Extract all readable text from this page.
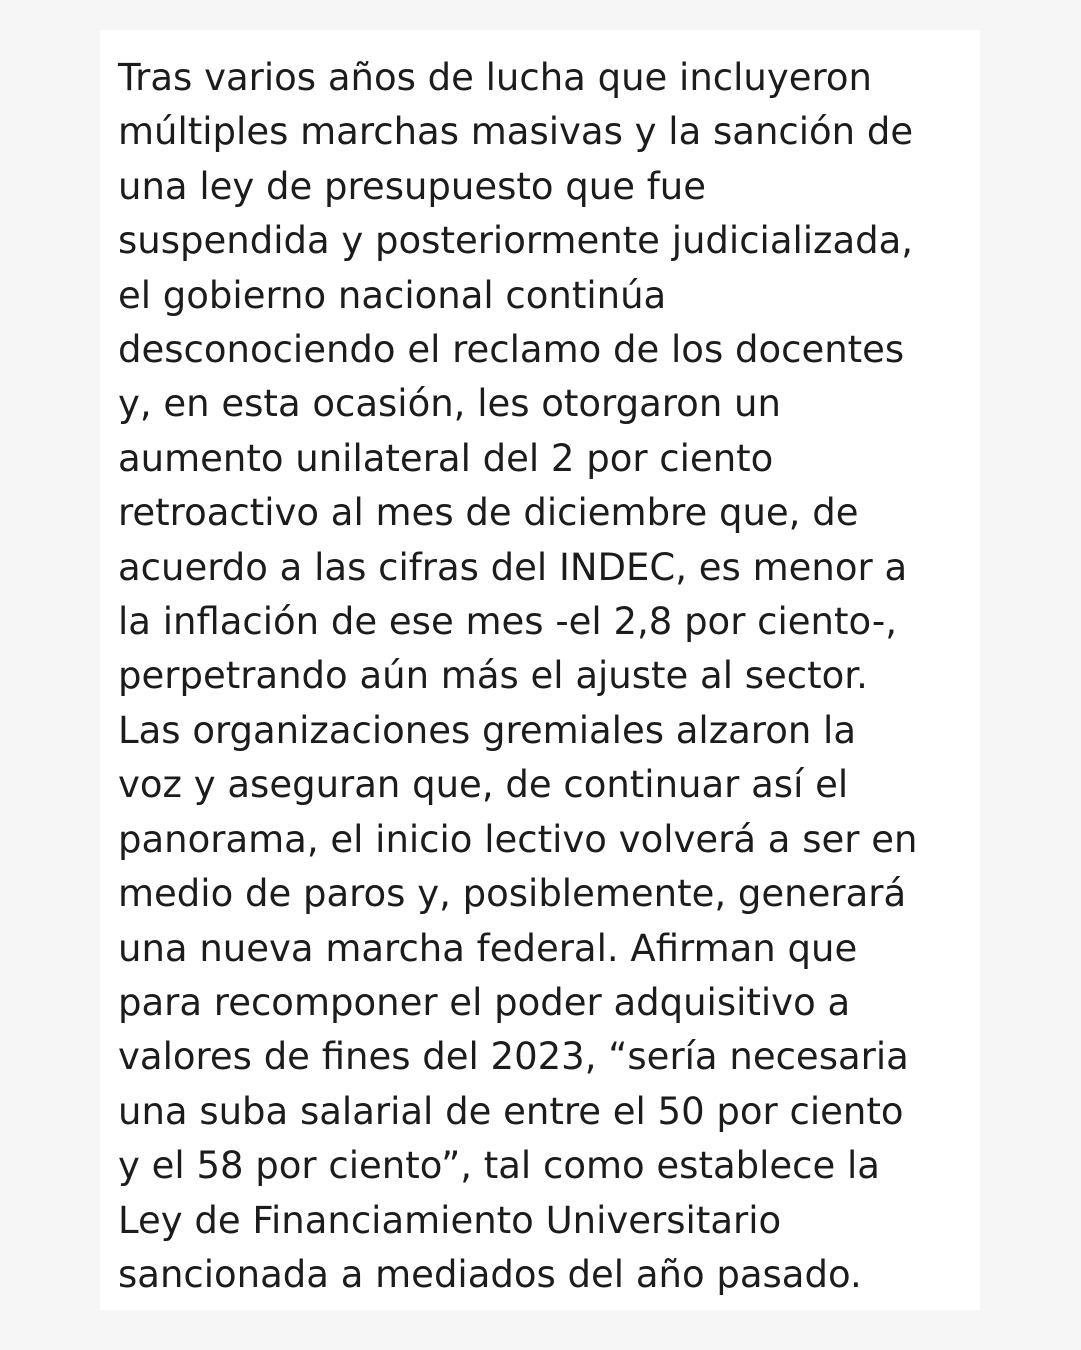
Tras varios años de lucha que incluyeron
múltiples marchas masivas y la sanción de
una ley de presupuesto que fue
suspendida y posteriormente judicializada,
el gobierno nacional continúa
desconociendo el reclamo de los docentes
y, en esta ocasión, les otorgaron un
aumento unilateral del 2 por ciento
retroactivo al mes de diciembre que, de
acuerdo a las cifras del INDEC, es menor a
la inflación de ese mes -el 2,8 por ciento-,
perpetrando aún más el ajuste al sector.
Las organizaciones gremiales alzaron la
voz y aseguran que, de continuar así el
panorama, el inicio lectivo volverá a ser en
medio de paros y, posiblemente, generará
una nueva marcha federal. Afirman que
para recomponer el poder adquisitivo a
valores de fines del 2023, “sería necesaria
una suba salarial de entre el 50 por ciento
y el 58 por ciento”, tal como establece la
Ley de Financiamiento Universitario
sancionada a mediados del año pasado.
